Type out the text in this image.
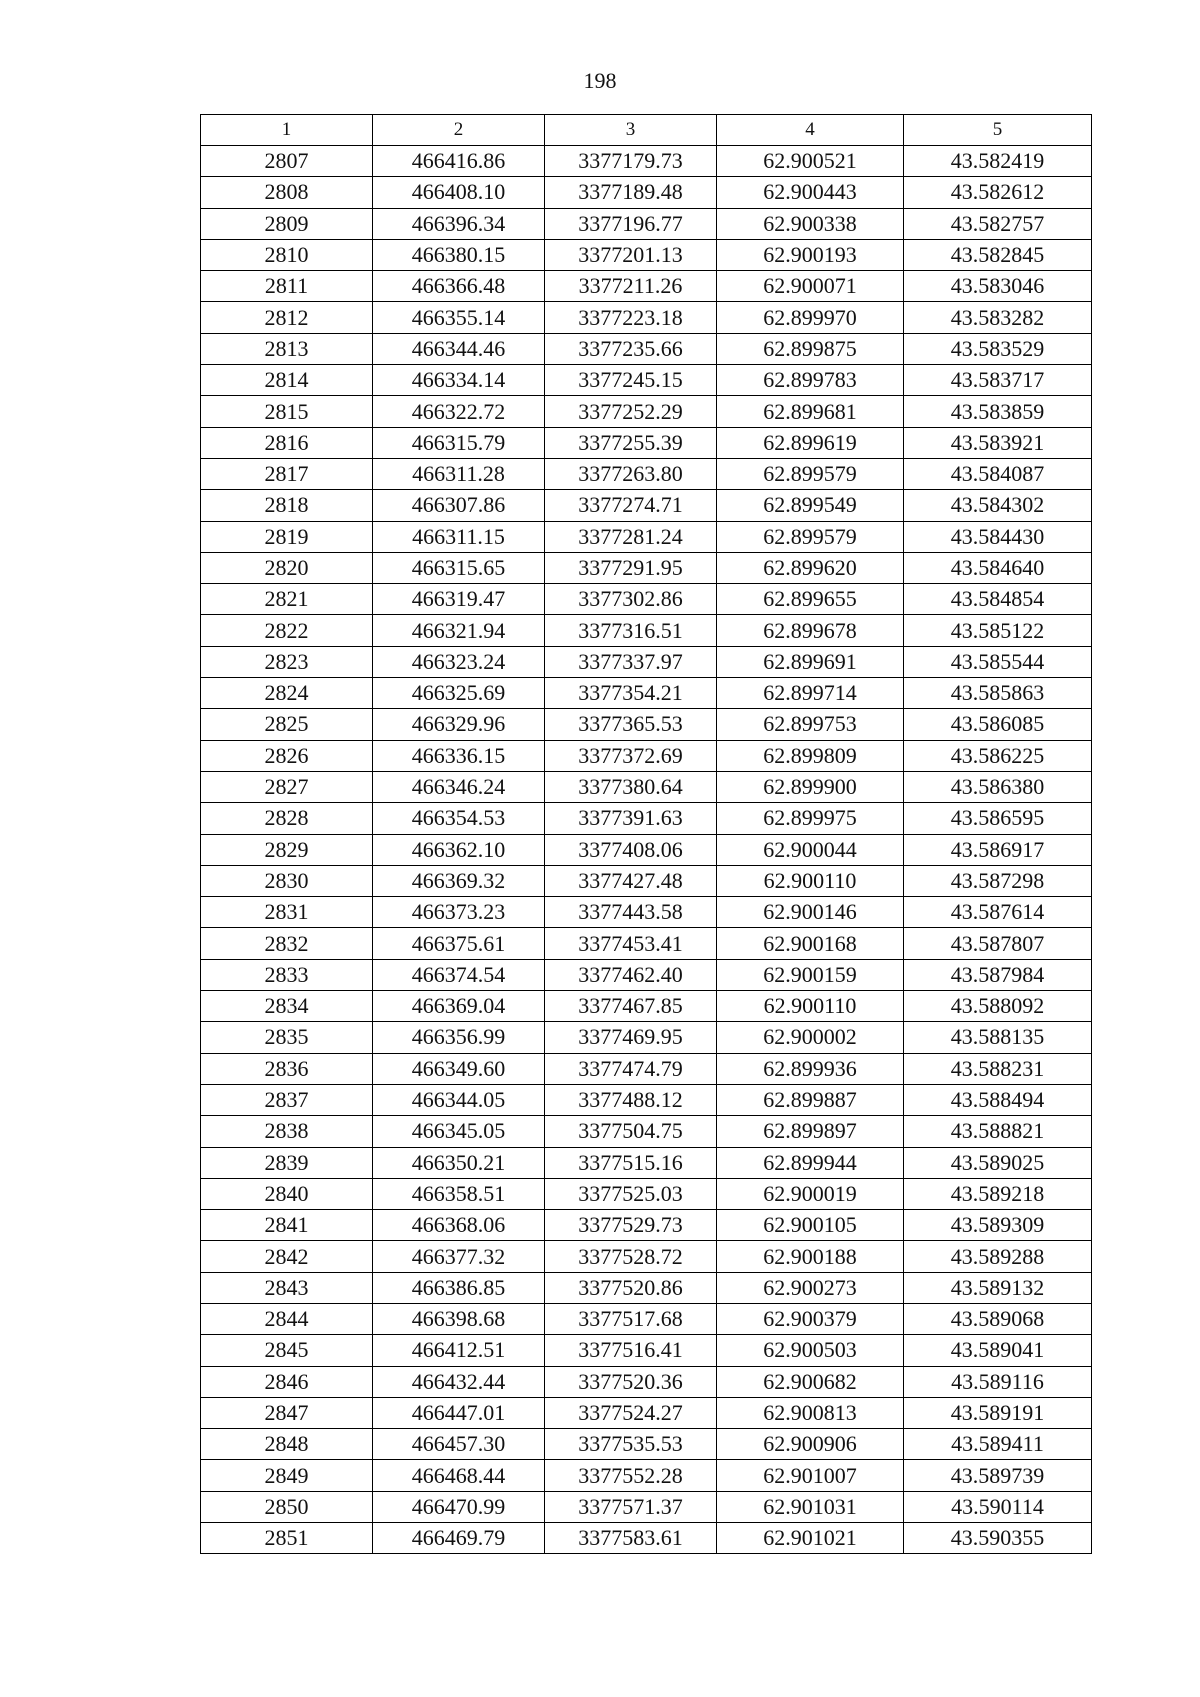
198
1	2	3	4	5
2807	466416.86	3377179.73	62.900521	43.582419
2808	466408.10	3377189.48	62.900443	43.582612
2809	466396.34	3377196.77	62.900338	43.582757
2810	466380.15	3377201.13	62.900193	43.582845
2811	466366.48	3377211.26	62.900071	43.583046
2812	466355.14	3377223.18	62.899970	43.583282
2813	466344.46	3377235.66	62.899875	43.583529
2814	466334.14	3377245.15	62.899783	43.583717
2815	466322.72	3377252.29	62.899681	43.583859
2816	466315.79	3377255.39	62.899619	43.583921
2817	466311.28	3377263.80	62.899579	43.584087
2818	466307.86	3377274.71	62.899549	43.584302
2819	466311.15	3377281.24	62.899579	43.584430
2820	466315.65	3377291.95	62.899620	43.584640
2821	466319.47	3377302.86	62.899655	43.584854
2822	466321.94	3377316.51	62.899678	43.585122
2823	466323.24	3377337.97	62.899691	43.585544
2824	466325.69	3377354.21	62.899714	43.585863
2825	466329.96	3377365.53	62.899753	43.586085
2826	466336.15	3377372.69	62.899809	43.586225
2827	466346.24	3377380.64	62.899900	43.586380
2828	466354.53	3377391.63	62.899975	43.586595
2829	466362.10	3377408.06	62.900044	43.586917
2830	466369.32	3377427.48	62.900110	43.587298
2831	466373.23	3377443.58	62.900146	43.587614
2832	466375.61	3377453.41	62.900168	43.587807
2833	466374.54	3377462.40	62.900159	43.587984
2834	466369.04	3377467.85	62.900110	43.588092
2835	466356.99	3377469.95	62.900002	43.588135
2836	466349.60	3377474.79	62.899936	43.588231
2837	466344.05	3377488.12	62.899887	43.588494
2838	466345.05	3377504.75	62.899897	43.588821
2839	466350.21	3377515.16	62.899944	43.589025
2840	466358.51	3377525.03	62.900019	43.589218
2841	466368.06	3377529.73	62.900105	43.589309
2842	466377.32	3377528.72	62.900188	43.589288
2843	466386.85	3377520.86	62.900273	43.589132
2844	466398.68	3377517.68	62.900379	43.589068
2845	466412.51	3377516.41	62.900503	43.589041
2846	466432.44	3377520.36	62.900682	43.589116
2847	466447.01	3377524.27	62.900813	43.589191
2848	466457.30	3377535.53	62.900906	43.589411
2849	466468.44	3377552.28	62.901007	43.589739
2850	466470.99	3377571.37	62.901031	43.590114
2851	466469.79	3377583.61	62.901021	43.590355
